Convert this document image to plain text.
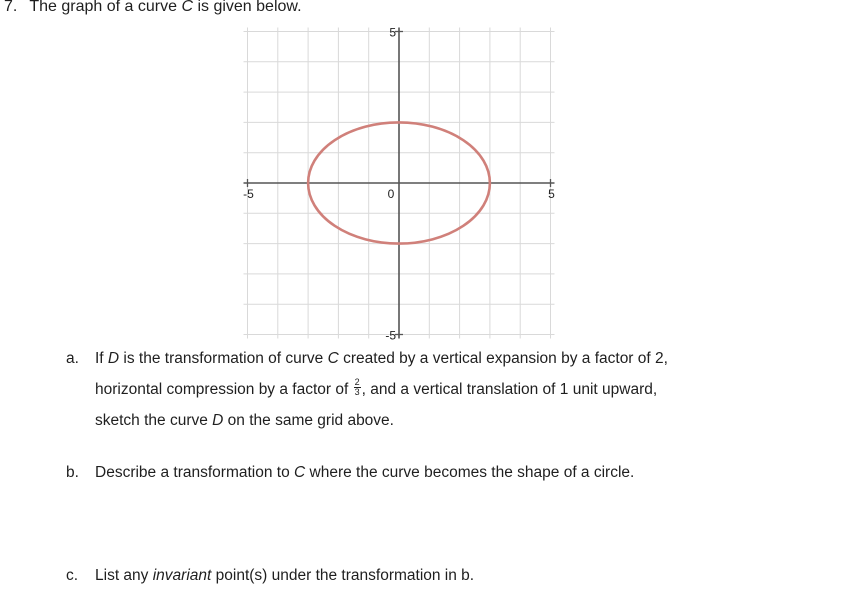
7. The graph of a curve C is given below.
5
-5
-5	0	5
a. If D is the transformation of curve C created by a vertical expansion by a factor of 2,
horizontal compression by a factor of $\frac{2}{3}$ , and a vertical translation of 1 unit upward,
sketch the curve D on the same grid above.
b. Describe a transformation to C where the curve becomes the shape of a circle.
c. List any invariant point(s) under the transformation in b.
